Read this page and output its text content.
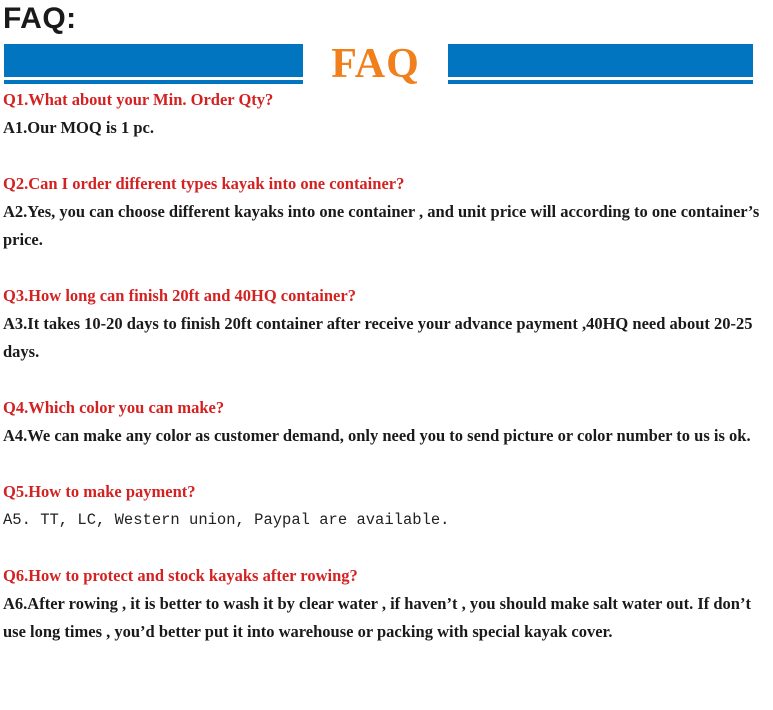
FAQ:
FAQ
Q1.What about your Min. Order Qty?
A1.Our MOQ is 1 pc.
Q2.Can I order different types kayak into one container?
A2.Yes, you can choose different kayaks into one container , and unit price will according to one container’s price.
Q3.How long can finish 20ft and 40HQ container?
A3.It takes 10-20 days to finish 20ft container after receive your advance payment ,40HQ need about 20-25 days.
Q4.Which color you can make?
A4.We can make any color as customer demand, only need you to send picture or color number to us is ok.
Q5.How to make payment?
A5. TT, LC, Western union, Paypal are available.
Q6.How to protect and stock kayaks after rowing?
A6.After rowing , it is better to wash it by clear water , if haven’t , you should make salt water out. If don’t use long times , you’d better put it into warehouse or packing with special kayak cover.
